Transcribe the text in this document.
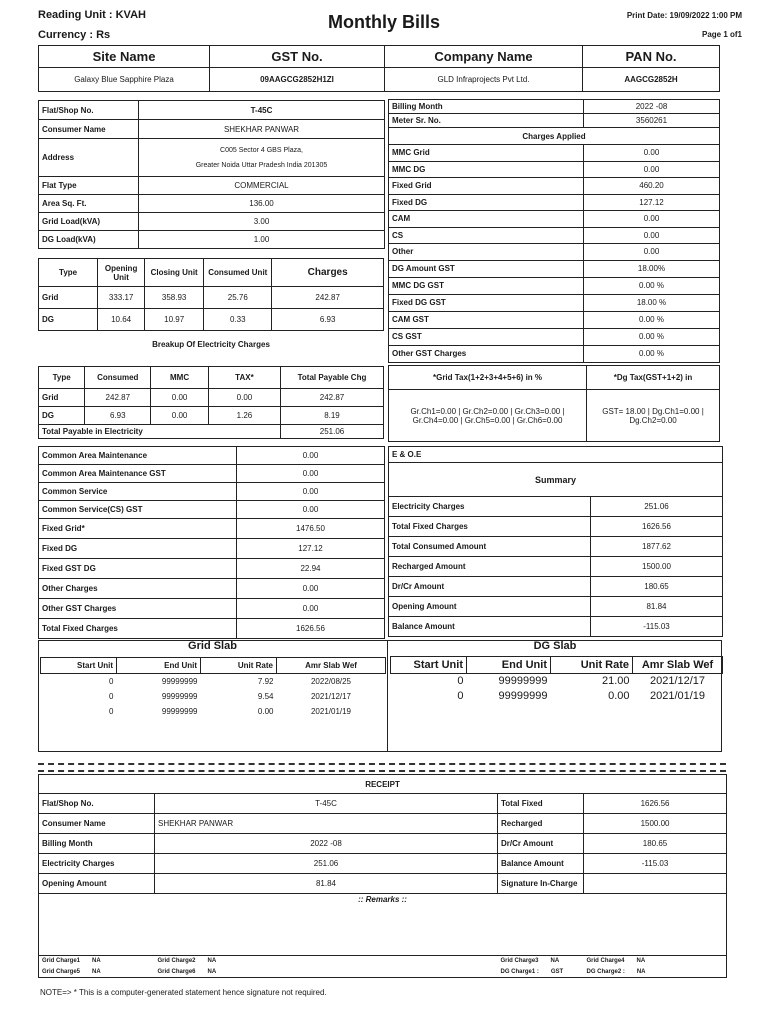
Reading Unit : KVAH
Currency : Rs
Monthly Bills	Print Date: 19/09/2022 1:00 PM
Page 1 of1
Site Name	GST No.	Company Name	PAN No.
Galaxy Blue Sapphire Plaza	09AAGCG2852H1ZI	GLD Infraprojects Pvt Ltd.	AAGCG2852H
Flat/Shop No.	T-45C
Consumer Name	SHEKHAR PANWAR
Address	C005 Sector 4 GBS Plaza,
Greater Noida Uttar Pradesh India 201305

Flat Type	COMMERCIAL
Area Sq. Ft.	136.00
Grid Load(kVA)	3.00
DG Load(kVA)	1.00
Type	Opening Unit	Closing Unit	Consumed Unit	Charges
Grid	333.17	358.93	25.76	242.87
DG	10.64	10.97	0.33	6.93
Breakup Of Electricity Charges
Type	Consumed	MMC	TAX*	Total Payable Chg
Grid	242.87	0.00	0.00	242.87
DG	6.93	0.00	1.26	8.19
Total Payable in Electricity				251.06
Billing Month	2022 -08
Meter Sr. No.	3560261
Charges Applied	
MMC Grid	0.00
MMC DG	0.00
Fixed Grid	460.20
Fixed DG	127.12
CAM	0.00
CS	0.00
Other	0.00
DG Amount GST	18.00%
MMC DG GST	0.00 %
Fixed DG GST	18.00 %
CAM GST	0.00 %
CS GST	0.00 %
Other GST Charges	0.00 %
*Grid Tax(1+2+3+4+5+6) in %	*Dg Tax(GST+1+2) in
Gr.Ch1=0.00 | Gr.Ch2=0.00 | Gr.Ch3=0.00 | Gr.Ch4=0.00 | Gr.Ch5=0.00 | Gr.Ch6=0.00	GST= 18.00 | Dg.Ch1=0.00 | Dg.Ch2=0.00
Common Area Maintenance	0.00
Common Area Maintenance GST	0.00
Common Service	0.00
Common Service(CS) GST	0.00
Fixed Grid*	1476.50
Fixed DG	127.12
Fixed GST DG	22.94
Other Charges	0.00
Other GST Charges	0.00
Total Fixed Charges	1626.56
E & O.E	
Summary	
Electricity Charges	251.06
Total Fixed Charges	1626.56
Total Consumed Amount	1877.62
Recharged Amount	1500.00
Dr/Cr Amount	180.65
Opening Amount	81.84
Balance Amount	-115.03
Grid Slab	DG Slab
Start Unit	End Unit	Unit Rate	Amr Slab Wef
0	99999999	7.92	2022/08/25
0	99999999	9.54	2021/12/17
0	99999999	0.00	2021/01/19
Start Unit	End Unit	Unit Rate	Amr Slab Wef
0	99999999	21.00	2021/12/17
0	99999999	0.00	2021/01/19
RECEIPT			
Flat/Shop No.	T-45C	Total Fixed	1626.56
Consumer Name	SHEKHAR PANWAR	Recharged	1500.00
Billing Month	2022 -08	Dr/Cr Amount	180.65
Electricity Charges	251.06	Balance Amount	-115.03
Opening Amount	81.84	Signature In-Charge	
:: Remarks ::			

Grid Charge1 NA	Grid Charge2 NA	Grid Charge3 NA	Grid Charge4 NA
Grid Charge5 NA	Grid Charge6 NA	DG Charge1 : GST	DG Charge2 : NA
NOTE=> * This is a computer-generated statement hence signature not required.
